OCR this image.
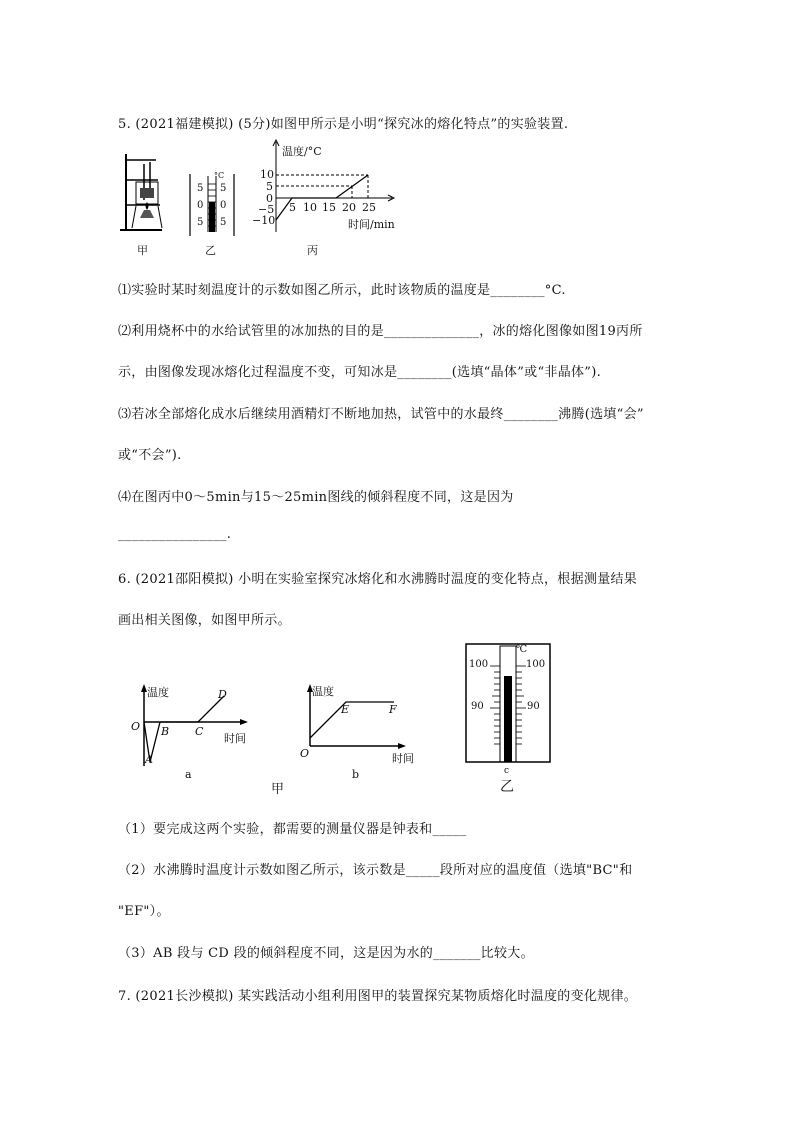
5. (2021福建模拟) (5分)如图甲所示是小明“探究冰的熔化特点”的实验装置.
甲
°C
5
0
5
5
0
5
乙
温度/°C
10
5
0
−5
−10
5 10 15 20 25
时间/min
丙
⑴实验时某时刻温度计的示数如图乙所示，此时该物质的温度是________°C.
⑵利用烧杯中的水给试管里的冰加热的目的是______________，冰的熔化图像如图19丙所
示，由图像发现冰熔化过程温度不变，可知冰是________(选填“晶体”或“非晶体”).
⑶若冰全部熔化成水后继续用酒精灯不断地加热，试管中的水最终________沸腾(选填“会”
或“不会”).
⑷在图丙中0～5min与15～25min图线的倾斜程度不同，这是因为
________________.
6. (2021邵阳模拟) 小明在实验室探究冰熔化和水沸腾时温度的变化特点，根据测量结果
画出相关图像，如图甲所示。
温度
O
A
B C
D
时间
a
温度
O
E	F
时间
b
℃
100	100
90	90
c
甲	乙
（1）要完成这两个实验，都需要的测量仪器是钟表和_____
（2）水沸腾时温度计示数如图乙所示，该示数是_____段所对应的温度值（选填"BC"和
"EF"）。
（3）AB 段与 CD 段的倾斜程度不同，这是因为水的_______比较大。
7. (2021长沙模拟) 某实践活动小组利用图甲的装置探究某物质熔化时温度的变化规律。
